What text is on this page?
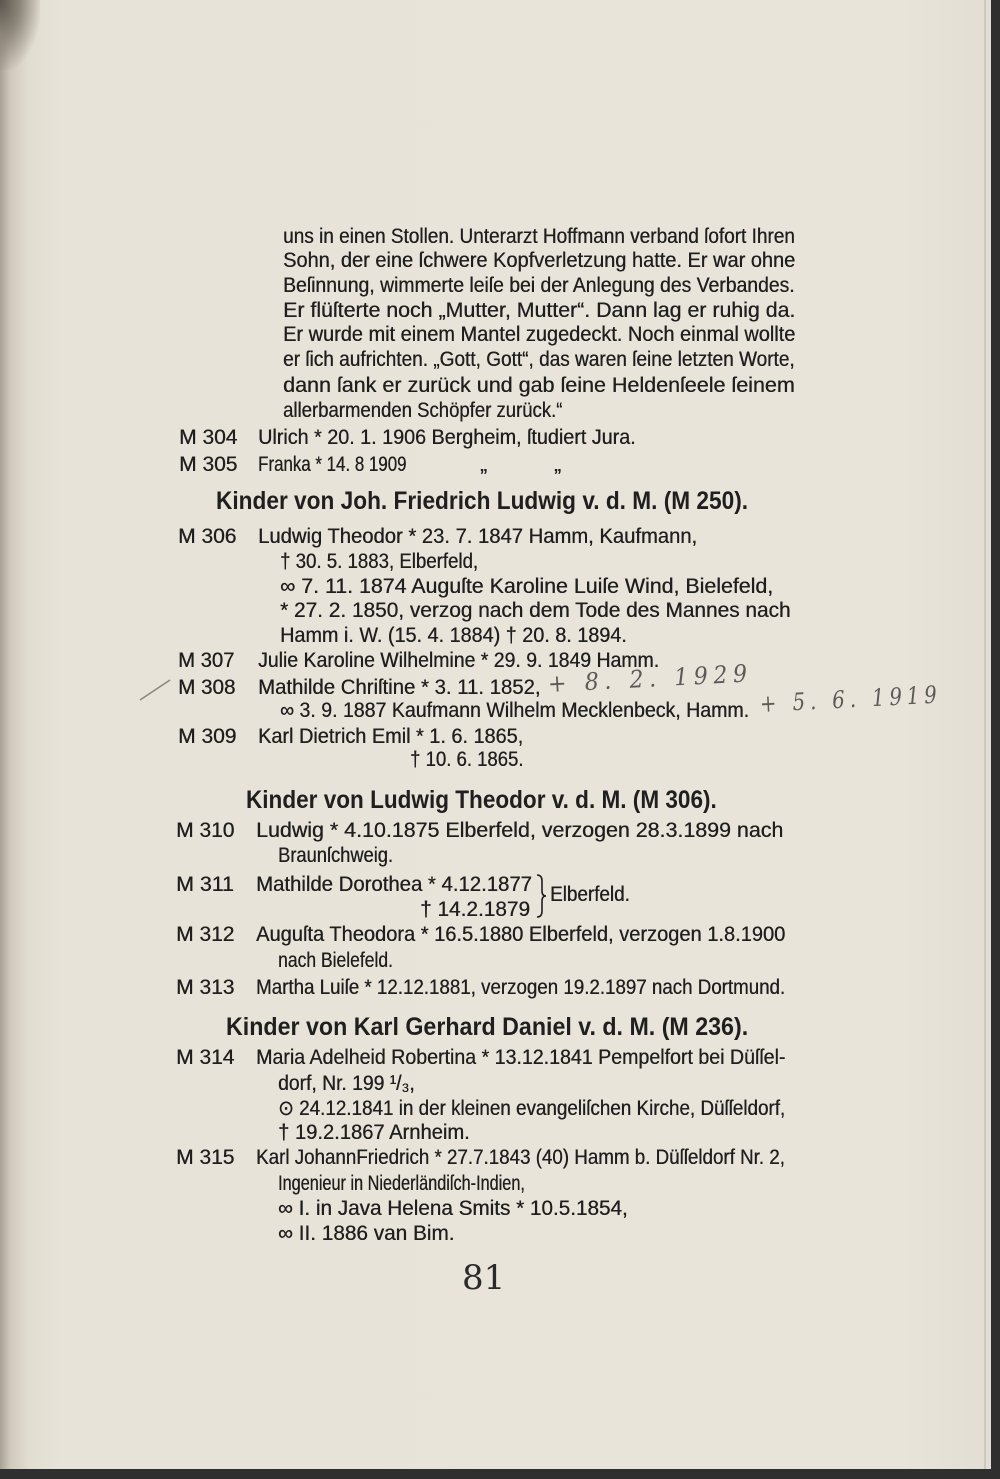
uns in einen Stollen. Unterarzt Hoffmann verband ſofort Ihren
Sohn, der eine ſchwere Kopfverletzung hatte. Er war ohne
Beſinnung, wimmerte leiſe bei der Anlegung des Verbandes.
Er flüſterte noch „Mutter, Mutter“. Dann lag er ruhig da.
Er wurde mit einem Mantel zugedeckt. Noch einmal wollte
er ſich aufrichten. „Gott, Gott“, das waren ſeine letzten Worte,
dann ſank er zurück und gab ſeine Heldenſeele ſeinem
allerbarmenden Schöpfer zurück.“
M 304 Ulrich * 20. 1. 1906 Bergheim, ſtudiert Jura.
M 305 Franka * 14. 8 1909	„	„
Kinder von Joh. Friedrich Ludwig v. d. M. (M 250).
M 306 Ludwig Theodor * 23. 7. 1847 Hamm, Kaufmann,
† 30. 5. 1883, Elberfeld,
∞ 7. 11. 1874 Auguſte Karoline Luiſe Wind, Bielefeld,
* 27. 2. 1850, verzog nach dem Tode des Mannes nach
Hamm i. W. (15. 4. 1884) † 20. 8. 1894.
M 307 Julie Karoline Wilhelmine * 29. 9. 1849 Hamm.
M 308 Mathilde Chriſtine * 3. 11. 1852, + 8. 2. 1929
∞ 3. 9. 1887 Kaufmann Wilhelm Mecklenbeck, Hamm. + 5. 6. 1919
M 309 Karl Dietrich Emil * 1. 6. 1865,
† 10. 6. 1865.
Kinder von Ludwig Theodor v. d. M. (M 306).
M 310 Ludwig * 4.10.1875 Elberfeld, verzogen 28.3.1899 nach
Braunſchweig.
M 311 Mathilde Dorothea * 4.12.1877
† 14.2.1879
Elberfeld.
M 312 Auguſta Theodora * 16.5.1880 Elberfeld, verzogen 1.8.1900
nach Bielefeld.
M 313 Martha Luiſe * 12.12.1881, verzogen 19.2.1897 nach Dortmund.
Kinder von Karl Gerhard Daniel v. d. M. (M 236).
M 314 Maria Adelheid Robertina * 13.12.1841 Pempelfort bei Düſſel-
dorf, Nr. 199 ¹/₃,
⊙ 24.12.1841 in der kleinen evangeliſchen Kirche, Düſſeldorf,
† 19.2.1867 Arnheim.
M 315 Karl JohannFriedrich * 27.7.1843 (40) Hamm b. Düſſeldorf Nr. 2,
Ingenieur in Niederländiſch-Indien,
∞ I. in Java Helena Smits * 10.5.1854,
∞ II. 1886 van Bim.
81
